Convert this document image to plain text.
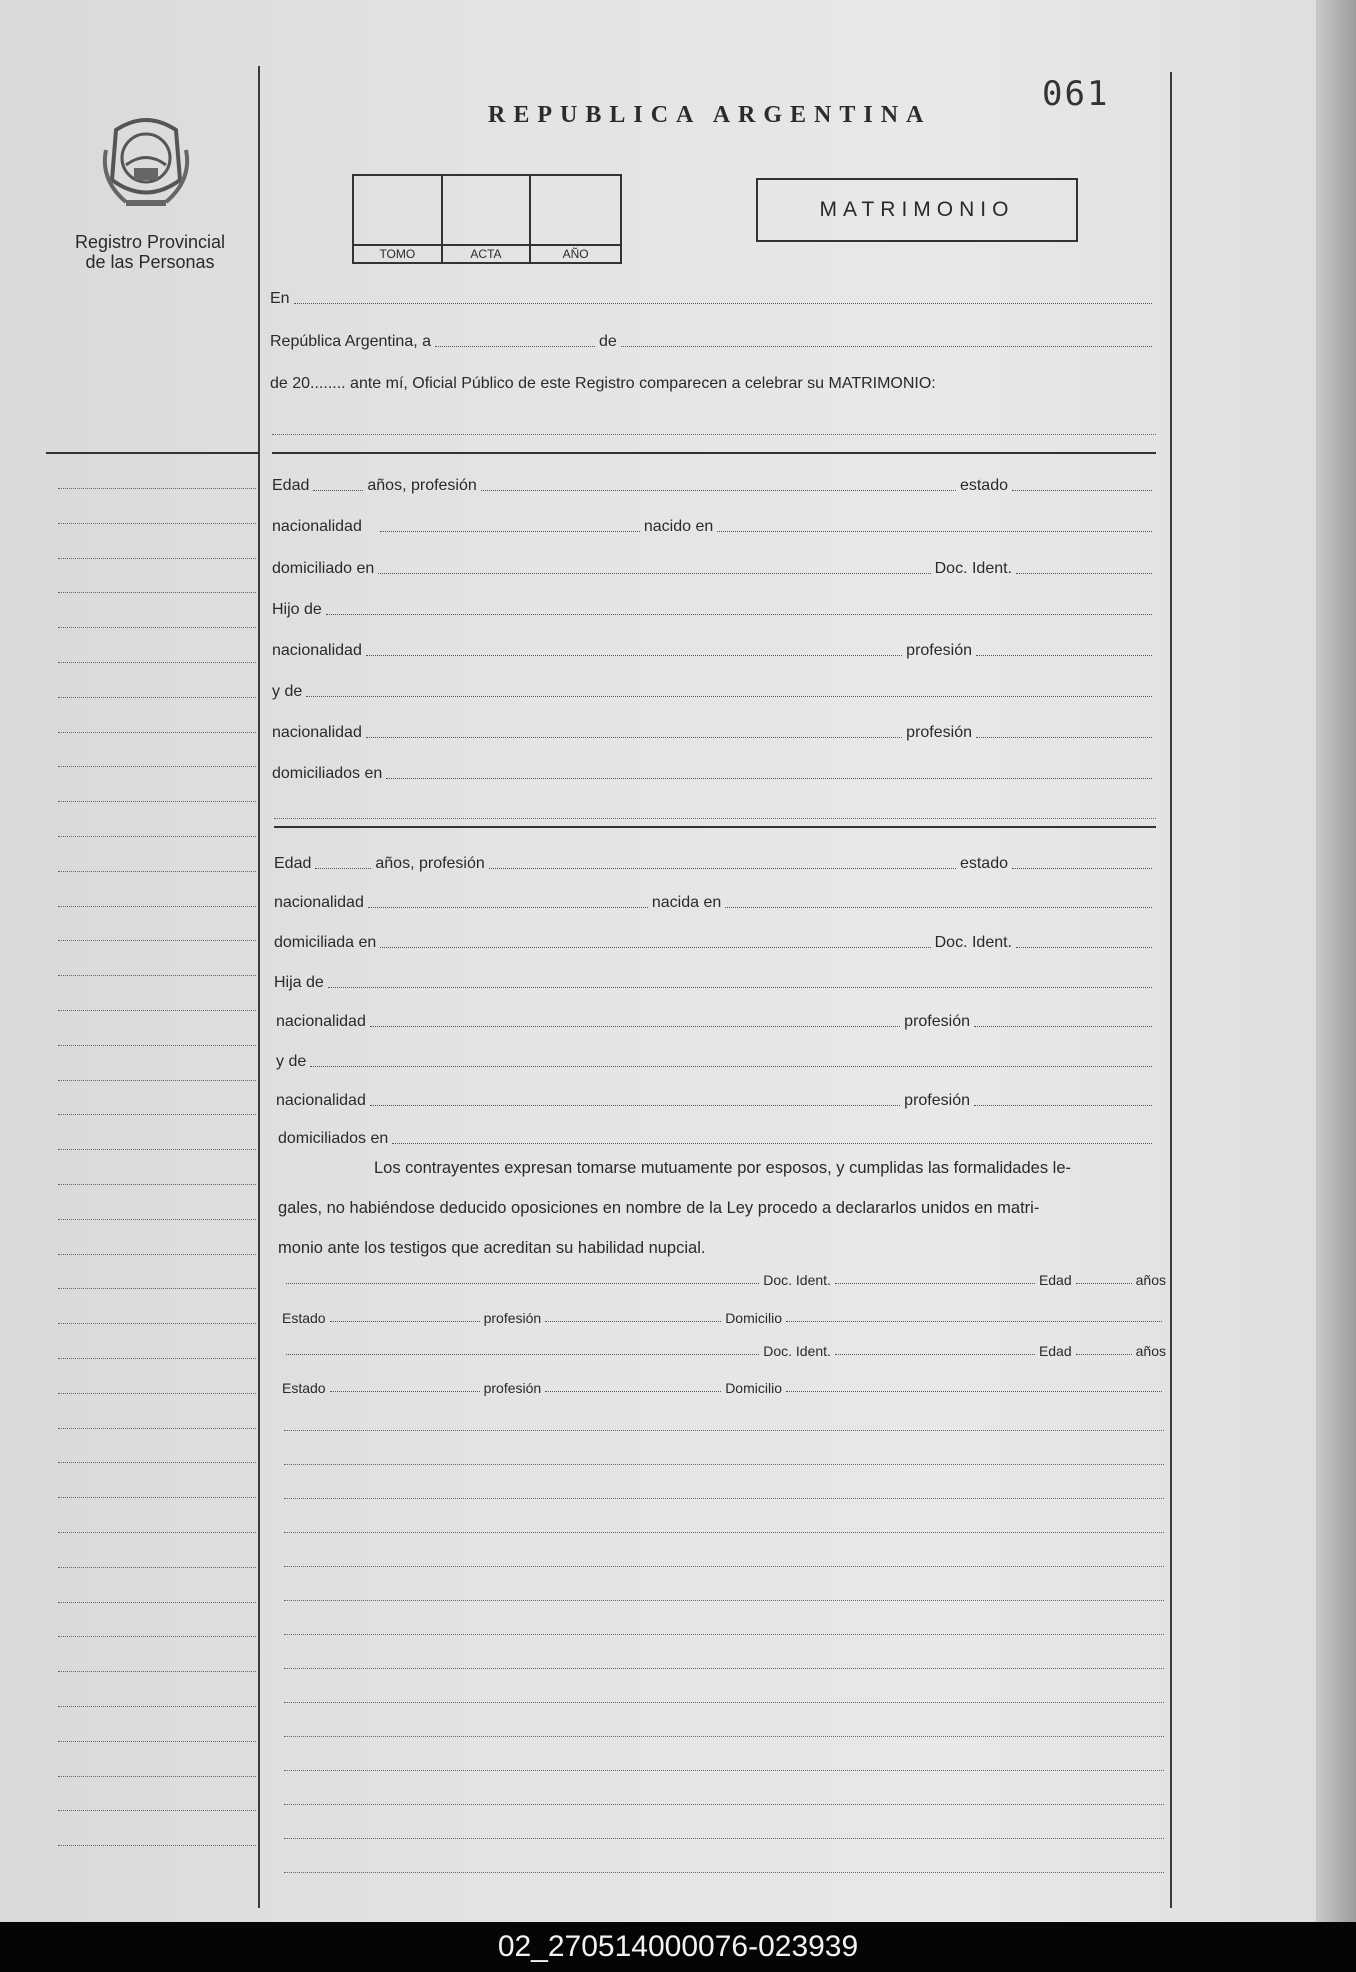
Registro Provincial
de las Personas
REPUBLICA ARGENTINA
061
TOMO	ACTA	AÑO
MATRIMONIO
En
República Argentina, a	de
de 20........ ante mí, Oficial Público de este Registro comparecen a celebrar su MATRIMONIO:
Edad	años, profesión	estado
nacionalidad	nacido en
domiciliado en	Doc. Ident.
Hijo de
nacionalidad	profesión
y de
nacionalidad	profesión
domiciliados en
Edad	años, profesión	estado
nacionalidad	nacida en
domiciliada en	Doc. Ident.
Hija de
nacionalidad	profesión
y de
nacionalidad	profesión
domiciliados en

Los contrayentes expresan tomarse mutuamente por esposos, y cumplidas las formalidades le-

gales, no habiéndose deducido oposiciones en nombre de la Ley procedo a declararlos unidos en matri-

monio ante los testigos que acreditan su habilidad nupcial.

Doc. Ident.	Edad	años
Estado	profesión	Domicilio
Doc. Ident.	Edad	años
Estado	profesión	Domicilio
02_270514000076-023939
